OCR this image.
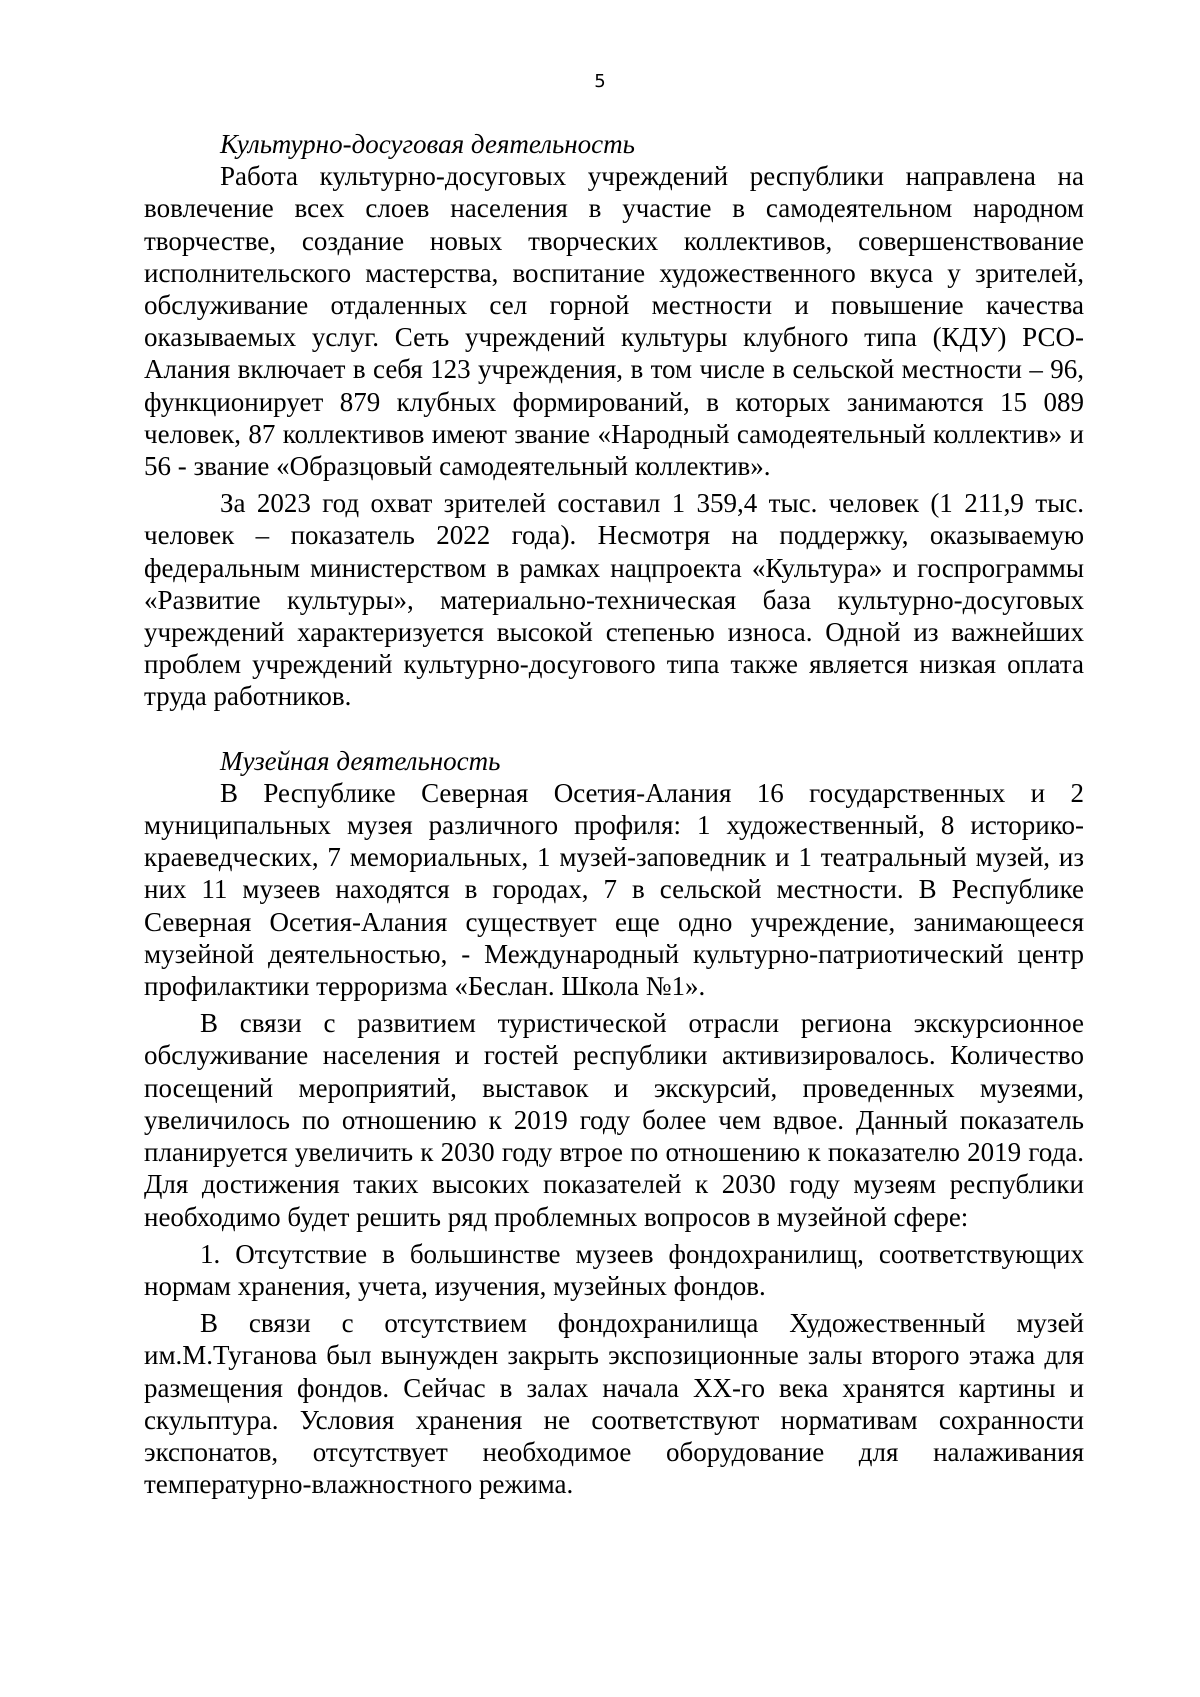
5

Культурно-досуговая деятельность

Работа культурно-досуговых учреждений республики направлена на вовлечение всех слоев населения в участие в самодеятельном народном творчестве, создание новых творческих коллективов, совершенствование исполнительского мастерства, воспитание художественного вкуса у зрителей, обслуживание отдаленных сел горной местности и повышение качества оказываемых услуг. Сеть учреждений культуры клубного типа (КДУ) РСО-Алания включает в себя 123 учреждения, в том числе в сельской местности – 96, функционирует 879 клубных формирований, в которых занимаются 15 089 человек, 87 коллективов имеют звание «Народный самодеятельный коллектив» и 56 - звание «Образцовый самодеятельный коллектив».

За 2023 год охват зрителей составил 1 359,4 тыс. человек (1 211,9 тыс. человек – показатель 2022 года). Несмотря на поддержку, оказываемую федеральным министерством в рамках нацпроекта «Культура» и госпрограммы «Развитие культуры», материально-техническая база культурно-досуговых учреждений характеризуется высокой степенью износа. Одной из важнейших проблем учреждений культурно-досугового типа также является низкая оплата труда работников.

Музейная деятельность

В Республике Северная Осетия-Алания 16 государственных и 2 муниципальных музея различного профиля: 1 художественный, 8 историко-краеведческих, 7 мемориальных, 1 музей-заповедник и 1 театральный музей, из них 11 музеев находятся в городах, 7 в сельской местности. В Республике Северная Осетия-Алания существует еще одно учреждение, занимающееся музейной деятельностью, - Международный культурно-патриотический центр профилактики терроризма «Беслан. Школа №1».

В связи с развитием туристической отрасли региона экскурсионное обслуживание населения и гостей республики активизировалось. Количество посещений мероприятий, выставок и экскурсий, проведенных музеями, увеличилось по отношению к 2019 году более чем вдвое. Данный показатель планируется увеличить к 2030 году втрое по отношению к показателю 2019 года. Для достижения таких высоких показателей к 2030 году музеям республики необходимо будет решить ряд проблемных вопросов в музейной сфере:

1. Отсутствие в большинстве музеев фондохранилищ, соответствующих нормам хранения, учета, изучения, музейных фондов.

В связи с отсутствием фондохранилища Художественный музей им.М.Туганова был вынужден закрыть экспозиционные залы второго этажа для размещения фондов. Сейчас в залах начала XX-го века хранятся картины и скульптура. Условия хранения не соответствуют нормативам сохранности экспонатов, отсутствует необходимое оборудование для налаживания температурно-влажностного режима.
